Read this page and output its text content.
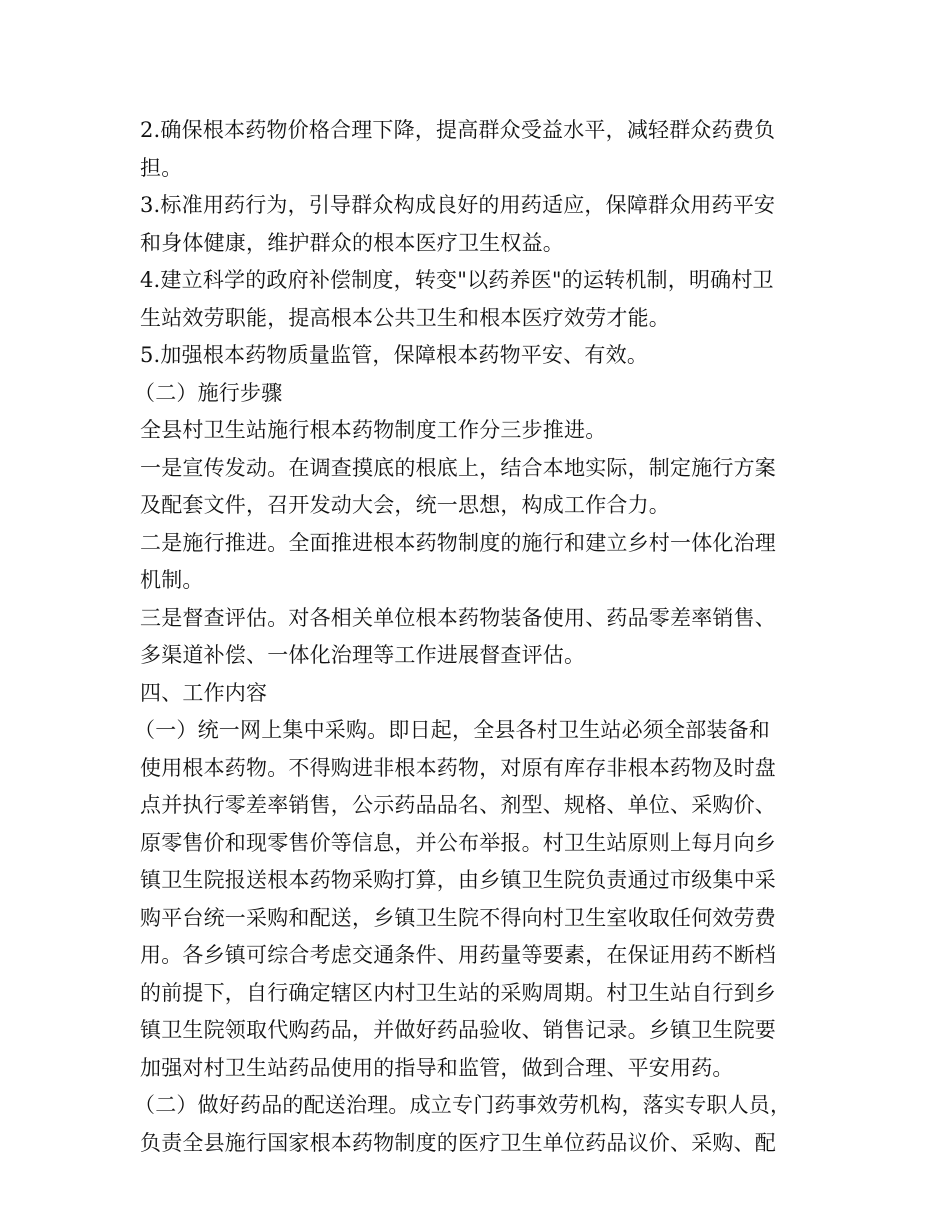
2.确保根本药物价格合理下降，提高群众受益水平，减轻群众药费负
担。
3.标准用药行为，引导群众构成良好的用药适应，保障群众用药平安
和身体健康，维护群众的根本医疗卫生权益。
4.建立科学的政府补偿制度，转变"以药养医"的运转机制，明确村卫
生站效劳职能，提高根本公共卫生和根本医疗效劳才能。
5.加强根本药物质量监管，保障根本药物平安、有效。
（二）施行步骤
全县村卫生站施行根本药物制度工作分三步推进。
一是宣传发动。在调查摸底的根底上，结合本地实际，制定施行方案
及配套文件，召开发动大会，统一思想，构成工作合力。
二是施行推进。全面推进根本药物制度的施行和建立乡村一体化治理
机制。
三是督查评估。对各相关单位根本药物装备使用、药品零差率销售、
多渠道补偿、一体化治理等工作进展督查评估。
四、工作内容
（一）统一网上集中采购。即日起，全县各村卫生站必须全部装备和
使用根本药物。不得购进非根本药物，对原有库存非根本药物及时盘
点并执行零差率销售，公示药品品名、剂型、规格、单位、采购价、
原零售价和现零售价等信息，并公布举报。村卫生站原则上每月向乡
镇卫生院报送根本药物采购打算，由乡镇卫生院负责通过市级集中采
购平台统一采购和配送，乡镇卫生院不得向村卫生室收取任何效劳费
用。各乡镇可综合考虑交通条件、用药量等要素，在保证用药不断档
的前提下，自行确定辖区内村卫生站的采购周期。村卫生站自行到乡
镇卫生院领取代购药品，并做好药品验收、销售记录。乡镇卫生院要
加强对村卫生站药品使用的指导和监管，做到合理、平安用药。
（二）做好药品的配送治理。成立专门药事效劳机构，落实专职人员，
负责全县施行国家根本药物制度的医疗卫生单位药品议价、采购、配
